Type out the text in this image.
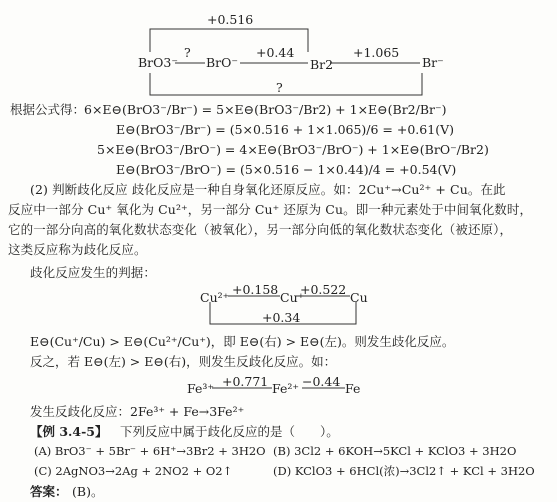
+0.516
BrO3⁻
?
BrO⁻
+0.44
Br2
+1.065
Br⁻
?
根据公式得：
6×E⊖(BrO3⁻/Br⁻) = 5×E⊖(BrO3⁻/Br2) + 1×E⊖(Br2/Br⁻)
E⊖(BrO3⁻/Br⁻) = (5×0.516 + 1×1.065)/6 = +0.61(V)
5×E⊖(BrO3⁻/BrO⁻) = 4×E⊖(BrO3⁻/BrO⁻) + 1×E⊖(BrO⁻/Br2)
E⊖(BrO3⁻/BrO⁻) = (5×0.516 − 1×0.44)/4 = +0.54(V)
(2) 判断歧化反应 歧化反应是一种自身氧化还原反应。如：2Cu⁺→Cu²⁺ + Cu。在此
反应中一部分 Cu⁺ 氧化为 Cu²⁺，另一部分 Cu⁺ 还原为 Cu。即一种元素处于中间氧化数时，
它的一部分向高的氧化数状态变化（被氧化），另一部分向低的氧化数状态变化（被还原），
这类反应称为歧化反应。
歧化反应发生的判据：
Cu²⁺
+0.158
Cu⁺
+0.522
Cu
+0.34
E⊖(Cu⁺/Cu) > E⊖(Cu²⁺/Cu⁺)，即 E⊖(右) > E⊖(左)。则发生歧化反应。
反之，若 E⊖(左) > E⊖(右)，则发生反歧化反应。如：
Fe³⁺ +0.771 Fe²⁺ −0.44 Fe
发生反歧化反应：2Fe³⁺ + Fe→3Fe²⁺
【例 3.4-5】 下列反应中属于歧化反应的是（　　）。
(A) BrO3⁻ + 5Br⁻ + 6H⁺→3Br2 + 3H2O (B) 3Cl2 + 6KOH→5KCl + KClO3 + 3H2O
(C) 2AgNO3→2Ag + 2NO2 + O2↑	(D) KClO3 + 6HCl(浓)→3Cl2↑ + KCl + 3H2O
答案： (B)。
